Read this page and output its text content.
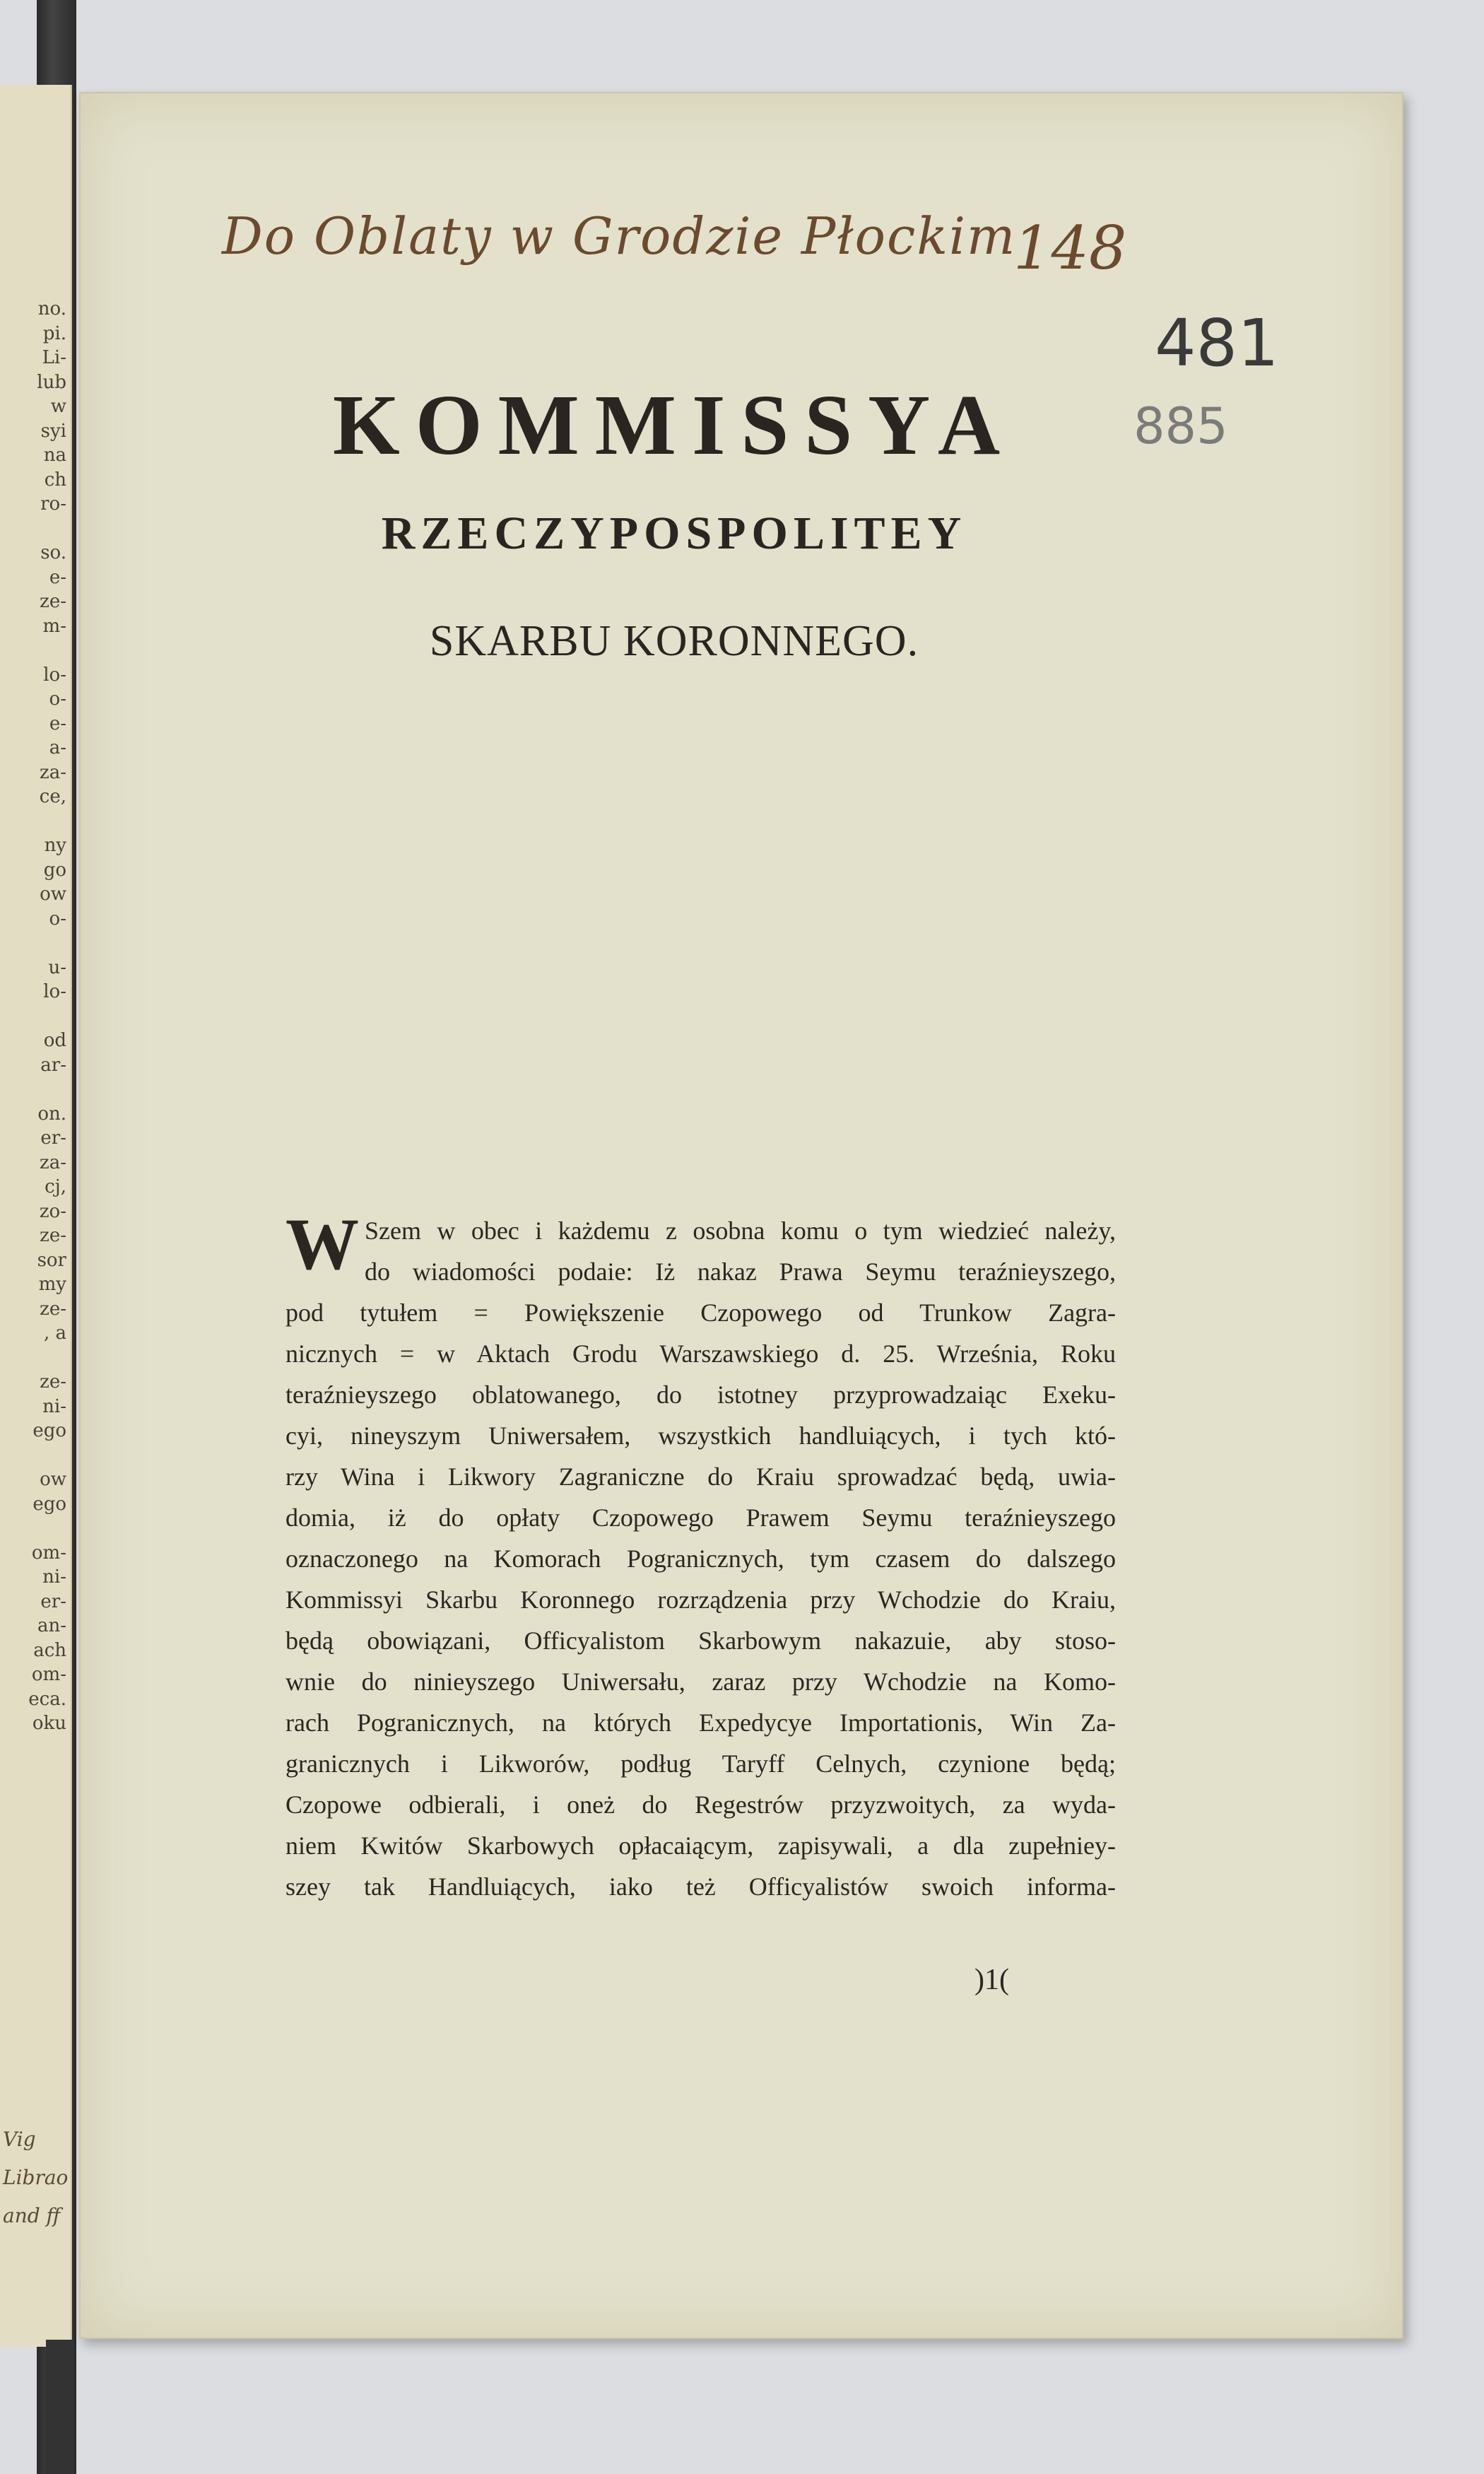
no.
pi.
Li-
lub
w
syi
na
ch
ro-

so.
e-
ze-
m-

lo-
o-
e-
a-
za-
ce,

ny
go
ow
o-

u-
lo-

od
ar-

on.
er-
za-
cj,
zo-
ze-
sor
my
ze-
, a

ze-
ni-
ego

ow
ego

om-
ni-
er-
an-
ach
om-
eca.
oku
Vig
Librao
and ff
Do Oblaty w Grodzie Płockim
148
481
885
KOMMISSYA
RZECZYPOSPOLITEY
SKARBU KORONNEGO.
W Szem w obec i każdemu z osobna komu o tym wiedzieć należy,
do wiadomości podaie: Iż nakaz Prawa Seymu teraźnieyszego,
pod tytułem = Powiększenie Czopowego od Trunkow Zagra-
nicznych = w Aktach Grodu Warszawskiego d. 25. Września, Roku
teraźnieyszego oblatowanego, do istotney przyprowadzaiąc Exeku-
cyi, nineyszym Uniwersałem, wszystkich handluiących, i tych któ-
rzy Wina i Likwory Zagraniczne do Kraiu sprowadzać będą, uwia-
domia, iż do opłaty Czopowego Prawem Seymu teraźnieyszego
oznaczonego na Komorach Pogranicznych, tym czasem do dalszego
Kommissyi Skarbu Koronnego rozrządzenia przy Wchodzie do Kraiu,
będą obowiązani, Officyalistom Skarbowym nakazuie, aby stoso-
wnie do ninieyszego Uniwersału, zaraz przy Wchodzie na Komo-
rach Pogranicznych, na których Expedycye Importationis, Win Za-
granicznych i Likworów, podług Taryff Celnych, czynione będą;
Czopowe odbierali, i oneż do Regestrów przyzwoitych, za wyda-
niem Kwitów Skarbowych opłacaiącym, zapisywali, a dla zupełnieу-
szey tak Handluiących, iako też Officyalistów swoich informa-
)1(
